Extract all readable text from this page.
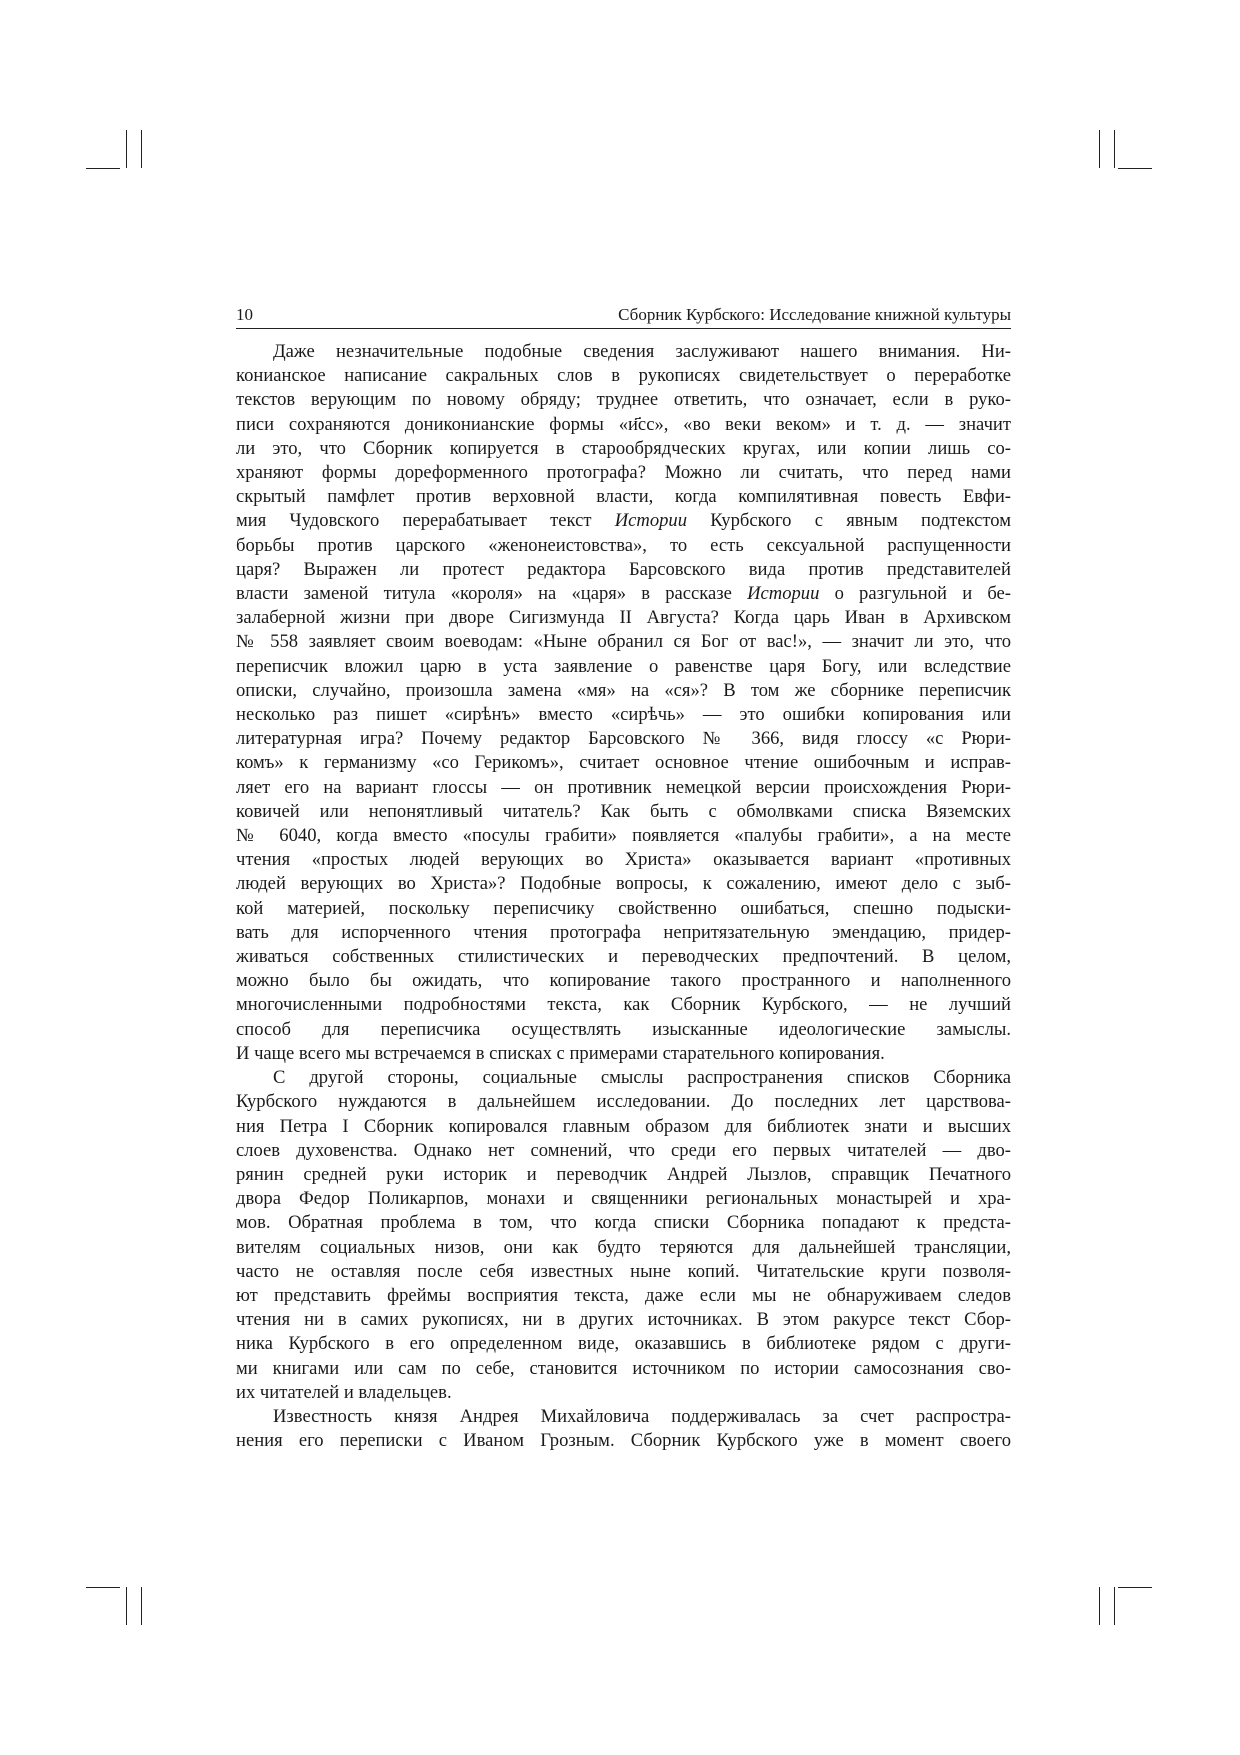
10	Сборник Курбского: Исследование книжной культуры

Даже незначительные подобные сведения заслуживают нашего внимания. Ни-
конианское написание сакральных слов в рукописях свидетельствует о переработке
текстов верующим по новому обряду; труднее ответить, что означает, если в руко-
писи сохраняются дониконианские формы «и҃сс», «во веки веком» и т. д. — значит
ли это, что Сборник копируется в старообрядческих кругах, или копии лишь со-
храняют формы дореформенного протографа? Можно ли считать, что перед нами
скрытый памфлет против верховной власти, когда компилятивная повесть Евфи-
мия Чудовского перерабатывает текст Истории Курбского с явным подтекстом
борьбы против царского «женонеистовства», то есть сексуальной распущенности
царя? Выражен ли протест редактора Барсовского вида против представителей
власти заменой титула «короля» на «царя» в рассказе Истории о разгульной и бе-
залаберной жизни при дворе Сигизмунда II Августа? Когда царь Иван в Архивском
№ 558 заявляет своим воеводам: «Ныне обранил ся Бог от вас!», — значит ли это, что
переписчик вложил царю в уста заявление о равенстве царя Богу, или вследствие
описки, случайно, произошла замена «мя» на «ся»? В том же сборнике переписчик
несколько раз пишет «сирѣнъ» вместо «сирѣчь» — это ошибки копирования или
литературная игра? Почему редактор Барсовского № 366, видя глоссу «с Рюри-
комъ» к германизму «со Герикомъ», считает основное чтение ошибочным и исправ-
ляет его на вариант глоссы — он противник немецкой версии происхождения Рюри-
ковичей или непонятливый читатель? Как быть с обмолвками списка Вяземских
№ 6040, когда вместо «посулы грабити» появляется «палубы грабити», а на месте
чтения «простых людей верующих во Христа» оказывается вариант «противных
людей верующих во Христа»? Подобные вопросы, к сожалению, имеют дело с зыб-
кой материей, поскольку переписчику свойственно ошибаться, спешно подыски-
вать для испорченного чтения протографа непритязательную эмендацию, придер-
живаться собственных стилистических и переводческих предпочтений. В целом,
можно было бы ожидать, что копирование такого пространного и наполненного
многочисленными подробностями текста, как Сборник Курбского, — не лучший
способ для переписчика осуществлять изысканные идеологические замыслы.
И чаще всего мы встречаемся в списках с примерами старательного копирования.

С другой стороны, социальные смыслы распространения списков Сборника
Курбского нуждаются в дальнейшем исследовании. До последних лет царствова-
ния Петра I Сборник копировался главным образом для библиотек знати и высших
слоев духовенства. Однако нет сомнений, что среди его первых читателей — дво-
рянин средней руки историк и переводчик Андрей Лызлов, справщик Печатного
двора Федор Поликарпов, монахи и священники региональных монастырей и хра-
мов. Обратная проблема в том, что когда списки Сборника попадают к предста-
вителям социальных низов, они как будто теряются для дальнейшей трансляции,
часто не оставляя после себя известных ныне копий. Читательские круги позволя-
ют представить фреймы восприятия текста, даже если мы не обнаруживаем следов
чтения ни в самих рукописях, ни в других источниках. В этом ракурсе текст Сбор-
ника Курбского в его определенном виде, оказавшись в библиотеке рядом с други-
ми книгами или сам по себе, становится источником по истории самосознания сво-
их читателей и владельцев.

Известность князя Андрея Михайловича поддерживалась за счет распростра-
нения его переписки с Иваном Грозным. Сборник Курбского уже в момент своего
